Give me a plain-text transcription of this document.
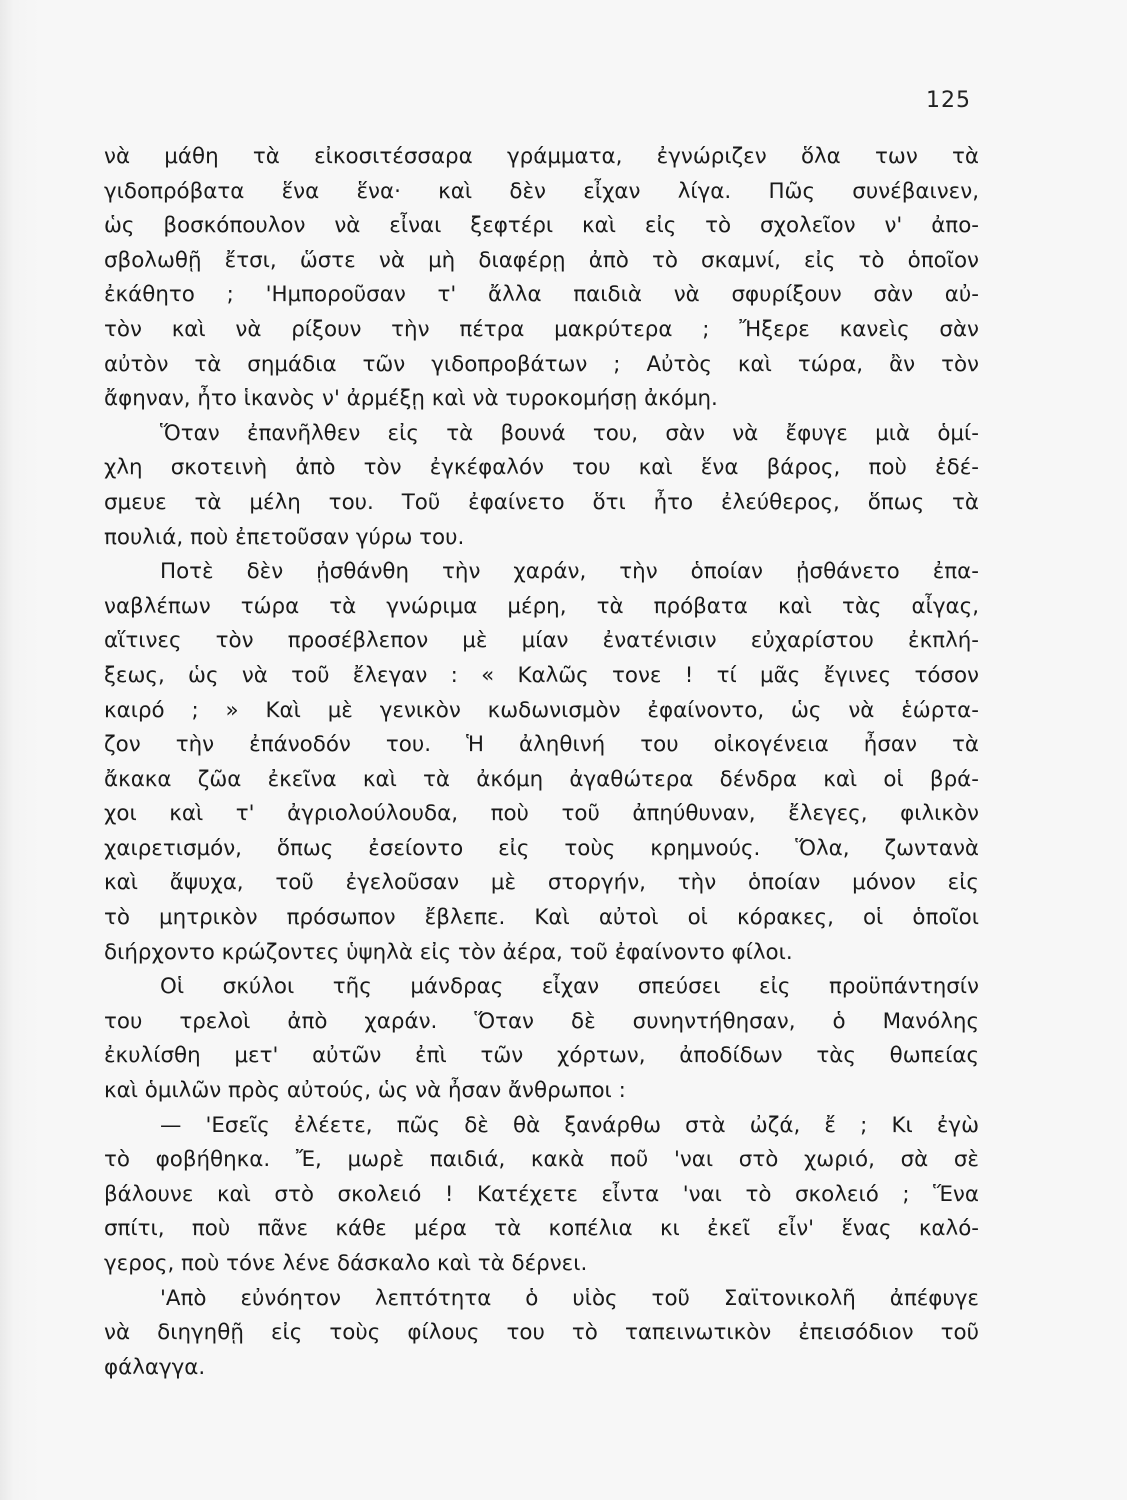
125

νὰ μάθη τὰ εἰκοσιτέσσαρα γράμματα, ἐγνώριζεν ὅλα των τὰ
γιδοπρόβατα ἕνα ἕνα· καὶ δὲν εἶχαν λίγα. Πῶς συνέβαινεν,
ὡς βοσκόπουλον νὰ εἶναι ξεφτέρι καὶ εἰς τὸ σχολεῖον ν' ἀπο-
σβολωθῇ ἔτσι, ὥστε νὰ μὴ διαφέρῃ ἀπὸ τὸ σκαμνί, εἰς τὸ ὁποῖον
ἐκάθητο ; 'Ημποροῦσαν τ' ἄλλα παιδιὰ νὰ σφυρίξουν σὰν αὐ-
τὸν καὶ νὰ ρίξουν τὴν πέτρα μακρύτερα ; Ἤξερε κανεὶς σὰν
αὐτὸν τὰ σημάδια τῶν γιδοπροβάτων ; Αὐτὸς καὶ τώρα, ἂν τὸν
ἄφηναν, ἦτο ἱκανὸς ν' ἀρμέξῃ καὶ νὰ τυροκομήσῃ ἀκόμη.

Ὅταν ἐπανῆλθεν εἰς τὰ βουνά του, σὰν νὰ ἔφυγε μιὰ ὁμί-
χλη σκοτεινὴ ἀπὸ τὸν ἐγκέφαλόν του καὶ ἕνα βάρος, ποὺ ἐδέ-
σμευε τὰ μέλη του. Τοῦ ἐφαίνετο ὅτι ἦτο ἐλεύθερος, ὅπως τὰ
πουλιά, ποὺ ἐπετοῦσαν γύρω του.

Ποτὲ δὲν ᾐσθάνθη τὴν χαράν, τὴν ὁποίαν ᾐσθάνετο ἐπα-
ναβλέπων τώρα τὰ γνώριμα μέρη, τὰ πρόβατα καὶ τὰς αἶγας,
αἵτινες τὸν προσέβλεπον μὲ μίαν ἐνατένισιν εὐχαρίστου ἐκπλή-
ξεως, ὡς νὰ τοῦ ἔλεγαν : « Καλῶς τονε ! τί μᾶς ἔγινες τόσον
καιρό ; » Καὶ μὲ γενικὸν κωδωνισμὸν ἐφαίνοντο, ὡς νὰ ἑώρτα-
ζον τὴν ἐπάνοδόν του. Ἡ ἀληθινή του οἰκογένεια ἦσαν τὰ
ἄκακα ζῶα ἐκεῖνα καὶ τὰ ἀκόμη ἀγαθώτερα δένδρα καὶ οἱ βρά-
χοι καὶ τ' ἀγριολούλουδα, ποὺ τοῦ ἀπηύθυναν, ἔλεγες, φιλικὸν
χαιρετισμόν, ὅπως ἐσείοντο εἰς τοὺς κρημνούς. Ὅλα, ζωντανὰ
καὶ ἄψυχα, τοῦ ἐγελοῦσαν μὲ στοργήν, τὴν ὁποίαν μόνον εἰς
τὸ μητρικὸν πρόσωπον ἔβλεπε. Καὶ αὐτοὶ οἱ κόρακες, οἱ ὁποῖοι
διήρχοντο κρώζοντες ὑψηλὰ εἰς τὸν ἀέρα, τοῦ ἐφαίνοντο φίλοι.

Οἱ σκύλοι τῆς μάνδρας εἶχαν σπεύσει εἰς προϋπάντησίν
του τρελοὶ ἀπὸ χαράν. Ὅταν δὲ συνηντήθησαν, ὁ Μανόλης
ἐκυλίσθη μετ' αὐτῶν ἐπὶ τῶν χόρτων, ἀποδίδων τὰς θωπείας
καὶ ὁμιλῶν πρὸς αὐτούς, ὡς νὰ ἦσαν ἄνθρωποι :

— 'Εσεῖς ἐλέετε, πῶς δὲ θὰ ξανάρθω στὰ ὠζά, ἔ ; Κι ἐγὼ
τὸ φοβήθηκα. Ἔ, μωρὲ παιδιά, κακὰ ποῦ 'ναι στὸ χωριό, σὰ σὲ
βάλουνε καὶ στὸ σκολειό ! Κατέχετε εἶντα 'ναι τὸ σκολειό ; Ἕνα
σπίτι, ποὺ πᾶνε κάθε μέρα τὰ κοπέλια κι ἐκεῖ εἶν' ἕνας καλό-
γερος, ποὺ τόνε λένε δάσκαλο καὶ τὰ δέρνει.

'Απὸ εὐνόητον λεπτότητα ὁ υἱὸς τοῦ Σαϊτονικολῆ ἀπέφυγε
νὰ διηγηθῇ εἰς τοὺς φίλους του τὸ ταπεινωτικὸν ἐπεισόδιον τοῦ
φάλαγγα.
